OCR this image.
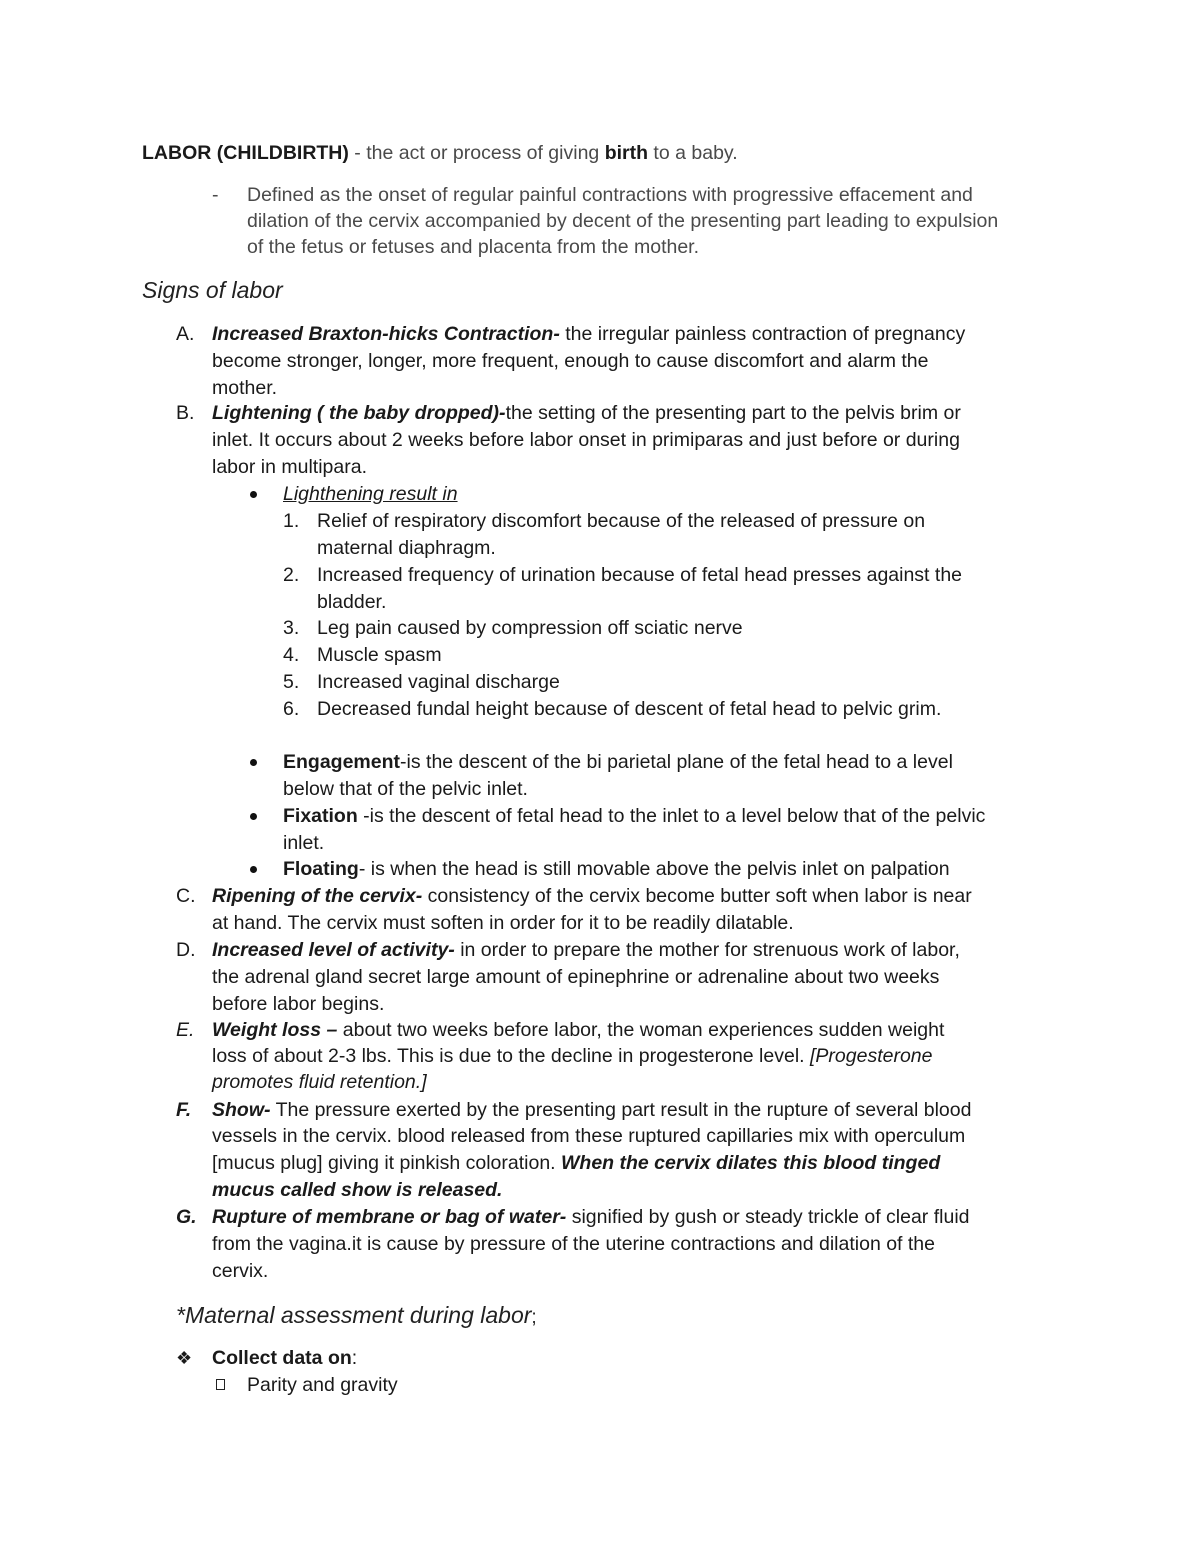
LABOR (CHILDBIRTH) - the act or process of giving birth to a baby.
- Defined as the onset of regular painful contractions with progressive effacement and
dilation of the cervix accompanied by decent of the presenting part leading to expulsion
of the fetus or fetuses and placenta from the mother.
Signs of labor
A. Increased Braxton-hicks Contraction- the irregular painless contraction of pregnancy
become stronger, longer, more frequent, enough to cause discomfort and alarm the
mother.
B. Lightening ( the baby dropped)-the setting of the presenting part to the pelvis brim or
inlet. It occurs about 2 weeks before labor onset in primiparas and just before or during
labor in multipara.
Lighthening result in
1. Relief of respiratory discomfort because of the released of pressure on
maternal diaphragm.
2. Increased frequency of urination because of fetal head presses against the
bladder.
3. Leg pain caused by compression off sciatic nerve
4. Muscle spasm
5. Increased vaginal discharge
6. Decreased fundal height because of descent of fetal head to pelvic grim.
Engagement-is the descent of the bi parietal plane of the fetal head to a level
below that of the pelvic inlet.
Fixation -is the descent of fetal head to the inlet to a level below that of the pelvic
inlet.
Floating- is when the head is still movable above the pelvis inlet on palpation
C. Ripening of the cervix- consistency of the cervix become butter soft when labor is near
at hand. The cervix must soften in order for it to be readily dilatable.
D. Increased level of activity- in order to prepare the mother for strenuous work of labor,
the adrenal gland secret large amount of epinephrine or adrenaline about two weeks
before labor begins.
E. Weight loss – about two weeks before labor, the woman experiences sudden weight
loss of about 2-3 lbs. This is due to the decline in progesterone level. [Progesterone
promotes fluid retention.]
F. Show- The pressure exerted by the presenting part result in the rupture of several blood
vessels in the cervix. blood released from these ruptured capillaries mix with operculum
[mucus plug] giving it pinkish coloration. When the cervix dilates this blood tinged
mucus called show is released.
G. Rupture of membrane or bag of water- signified by gush or steady trickle of clear fluid
from the vagina.it is cause by pressure of the uterine contractions and dilation of the
cervix.
*Maternal assessment during labor;
❖ Collect data on:
Parity and gravity
